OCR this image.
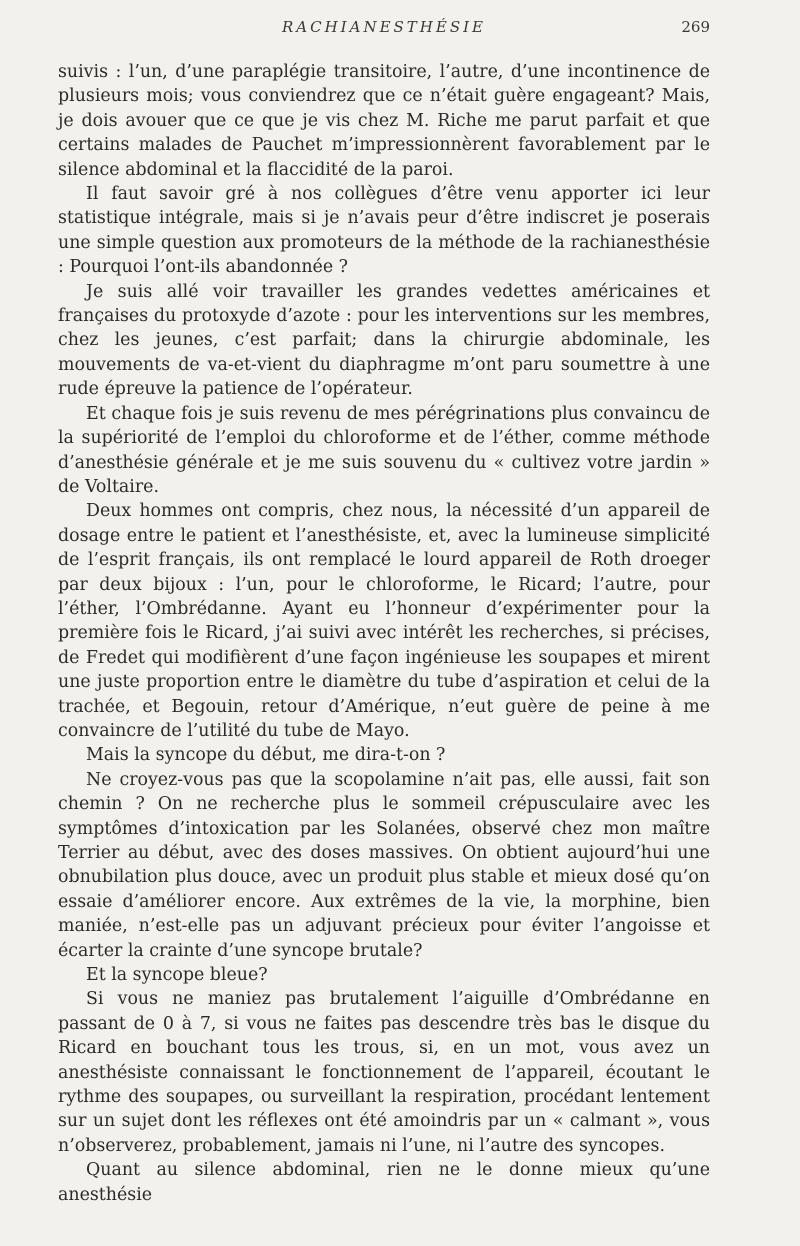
RACHIANESTHÉSIE	269

suivis : l’un, d’une paraplégie transitoire, l’autre, d’une incontinence de plusieurs mois; vous conviendrez que ce n’était guère engageant? Mais, je dois avouer que ce que je vis chez M. Riche me parut parfait et que certains malades de Pauchet m’impressionnèrent favorablement par le silence abdominal et la flaccidité de la paroi.

Il faut savoir gré à nos collègues d’être venu apporter ici leur statistique intégrale, mais si je n’avais peur d’être indiscret je poserais une simple question aux promoteurs de la méthode de la rachianesthésie : Pourquoi l’ont-ils abandonnée ?

Je suis allé voir travailler les grandes vedettes américaines et françaises du protoxyde d’azote : pour les interventions sur les membres, chez les jeunes, c’est parfait; dans la chirurgie abdominale, les mouvements de va-et-vient du diaphragme m’ont paru soumettre à une rude épreuve la patience de l’opérateur.

Et chaque fois je suis revenu de mes pérégrinations plus convaincu de la supériorité de l’emploi du chloroforme et de l’éther, comme méthode d’anesthésie générale et je me suis souvenu du « cultivez votre jardin » de Voltaire.

Deux hommes ont compris, chez nous, la nécessité d’un appareil de dosage entre le patient et l’anesthésiste, et, avec la lumineuse simplicité de l’esprit français, ils ont remplacé le lourd appareil de Roth droeger par deux bijoux : l’un, pour le chloroforme, le Ricard; l’autre, pour l’éther, l’Ombrédanne. Ayant eu l’honneur d’expérimenter pour la première fois le Ricard, j’ai suivi avec intérêt les recherches, si précises, de Fredet qui modifièrent d’une façon ingénieuse les soupapes et mirent une juste proportion entre le diamètre du tube d’aspiration et celui de la trachée, et Begouin, retour d’Amérique, n’eut guère de peine à me convaincre de l’utilité du tube de Mayo.

Mais la syncope du début, me dira-t-on ?

Ne croyez-vous pas que la scopolamine n’ait pas, elle aussi, fait son chemin ? On ne recherche plus le sommeil crépusculaire avec les symptômes d’intoxication par les Solanées, observé chez mon maître Terrier au début, avec des doses massives. On obtient aujourd’hui une obnubilation plus douce, avec un produit plus stable et mieux dosé qu’on essaie d’améliorer encore. Aux extrêmes de la vie, la morphine, bien maniée, n’est-elle pas un adjuvant précieux pour éviter l’angoisse et écarter la crainte d’une syncope brutale?

Et la syncope bleue?

Si vous ne maniez pas brutalement l’aiguille d’Ombrédanne en passant de 0 à 7, si vous ne faites pas descendre très bas le disque du Ricard en bouchant tous les trous, si, en un mot, vous avez un anesthésiste connaissant le fonctionnement de l’appareil, écoutant le rythme des soupapes, ou surveillant la respiration, procédant lentement sur un sujet dont les réflexes ont été amoindris par un « calmant », vous n’observerez, probablement, jamais ni l’une, ni l’autre des syncopes.

Quant au silence abdominal, rien ne le donne mieux qu’une anesthésie
